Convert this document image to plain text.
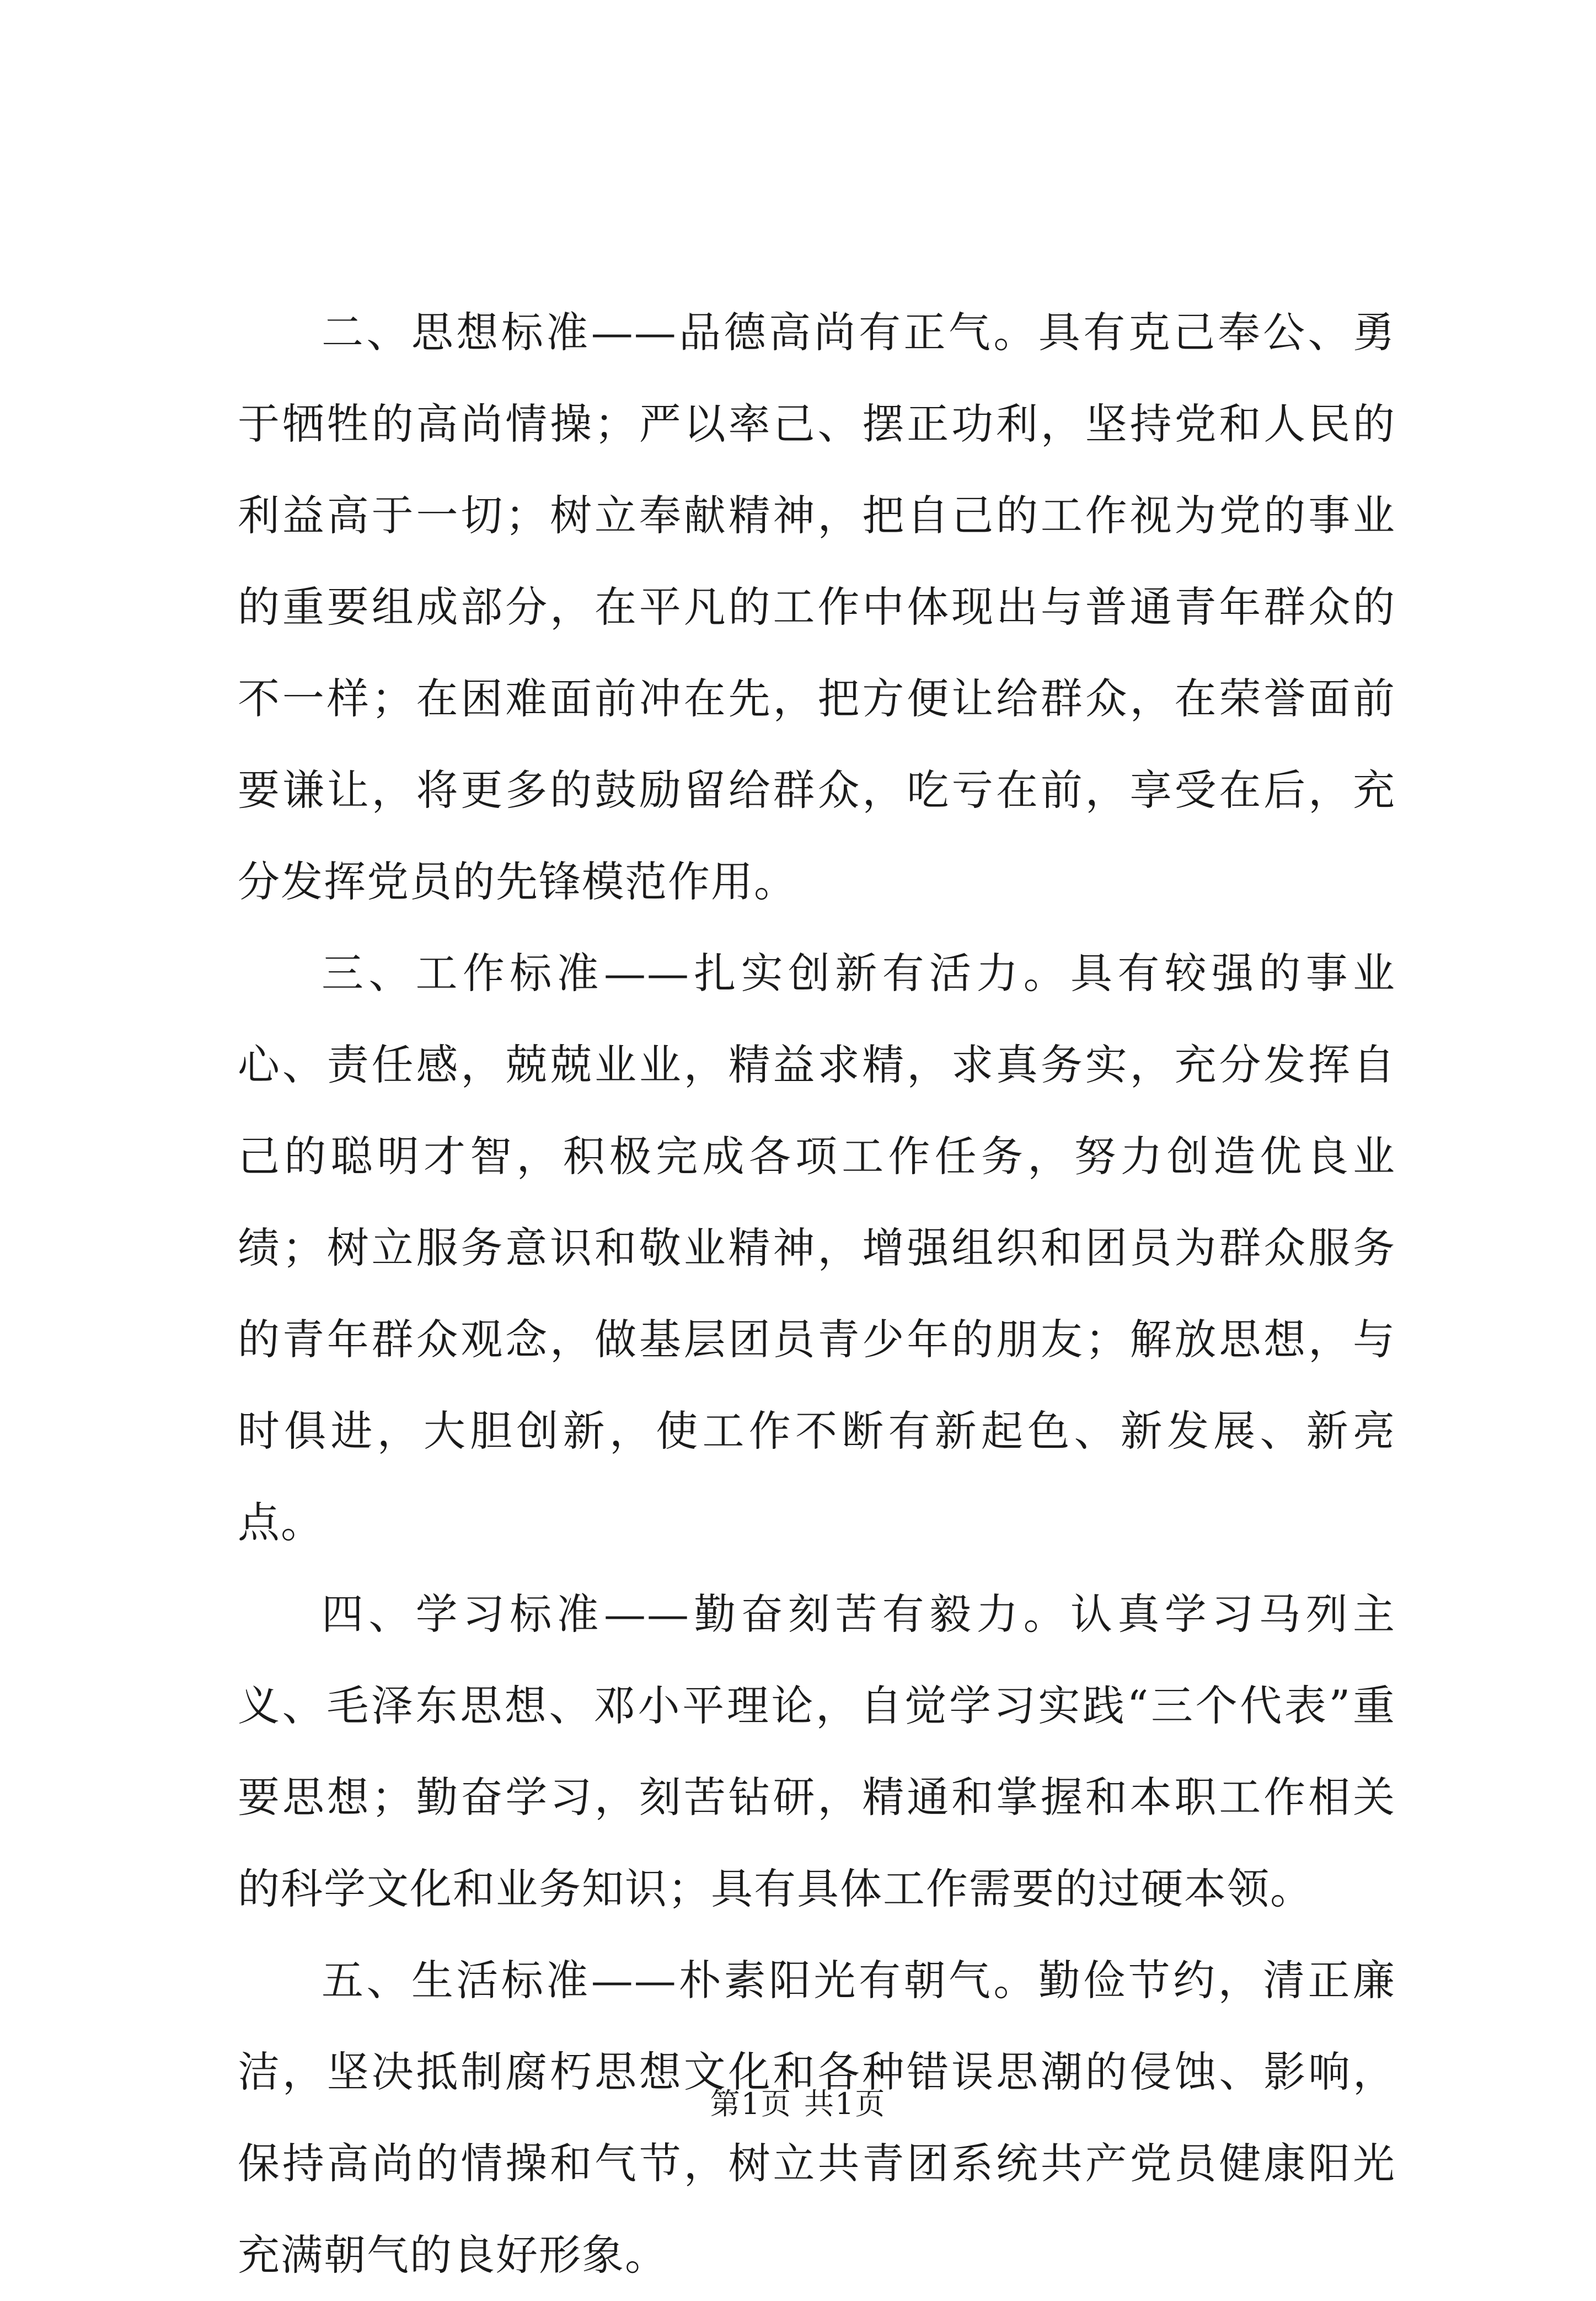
二、思想标准——品德高尚有正气。具有克己奉公、勇于牺牲的高尚情操；严以率己、摆正功利，坚持党和人民的利益高于一切；树立奉献精神，把自己的工作视为党的事业的重要组成部分，在平凡的工作中体现出与普通青年群众的不一样；在困难面前冲在先，把方便让给群众，在荣誉面前要谦让，将更多的鼓励留给群众，吃亏在前，享受在后，充分发挥党员的先锋模范作用。

三、工作标准——扎实创新有活力。具有较强的事业心、责任感，兢兢业业，精益求精，求真务实，充分发挥自己的聪明才智，积极完成各项工作任务，努力创造优良业绩；树立服务意识和敬业精神，增强组织和团员为群众服务的青年群众观念，做基层团员青少年的朋友；解放思想，与时俱进，大胆创新，使工作不断有新起色、新发展、新亮点。

四、学习标准——勤奋刻苦有毅力。认真学习马列主义、毛泽东思想、邓小平理论，自觉学习实践“三个代表”重要思想；勤奋学习，刻苦钻研，精通和掌握和本职工作相关的科学文化和业务知识；具有具体工作需要的过硬本领。

五、生活标准——朴素阳光有朝气。勤俭节约，清正廉洁，坚决抵制腐朽思想文化和各种错误思潮的侵蚀、影响，保持高尚的情操和气节，树立共青团系统共产党员健康阳光充满朝气的良好形象。

第1页 共1页
